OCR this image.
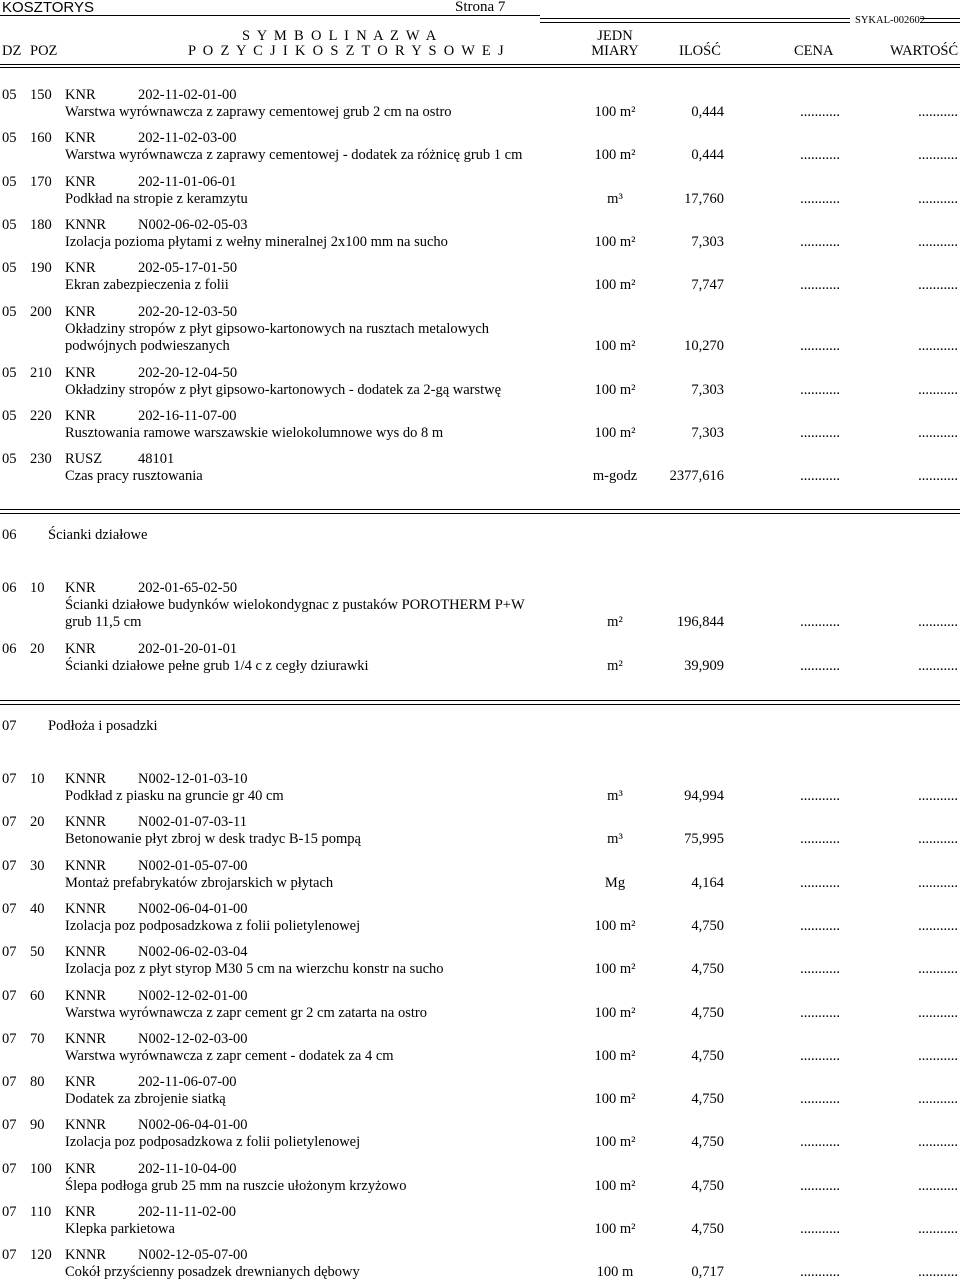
KOSZTORYS	Strona 7
SYKAL-002602
S Y M B O L I N A Z W A	JEDN
DZ POZ	P O Z Y C J I K O S Z T O R Y S O W E J	MIARY	ILOŚĆ	CENA	WARTOŚĆ
05 150 KNR	202-11-02-01-00
Warstwa wyrównawcza z zaprawy cementowej grub 2 cm na ostro	100 m²	0,444	...........	...........
05 160 KNR	202-11-02-03-00
Warstwa wyrównawcza z zaprawy cementowej - dodatek za różnicę grub 1 cm	100 m²	0,444	...........	...........
05 170 KNR	202-11-01-06-01
Podkład na stropie z keramzytu	m³	17,760	...........	...........
05 180 KNNR N002-06-02-05-03
Izolacja pozioma płytami z wełny mineralnej 2x100 mm na sucho	100 m²	7,303	...........	...........
05 190 KNR	202-05-17-01-50
Ekran zabezpieczenia z folii	100 m²	7,747	...........	...........
05 200 KNR	202-20-12-03-50
Okładziny stropów z płyt gipsowo-kartonowych na rusztach metalowych
podwójnych podwieszanych	100 m²	10,270	...........	...........
05 210 KNR	202-20-12-04-50
Okładziny stropów z płyt gipsowo-kartonowych - dodatek za 2-gą warstwę	100 m²	7,303	...........	...........
05 220 KNR	202-16-11-07-00
Rusztowania ramowe warszawskie wielokolumnowe wys do 8 m	100 m²	7,303	...........	...........
05 230 RUSZ 48101
Czas pracy rusztowania	m-godz	2377,616	...........	...........
06 Ścianki działowe
06 10 KNR	202-01-65-02-50
Ścianki działowe budynków wielokondygnac z pustaków POROTHERM P+W
grub 11,5 cm	m²	196,844	...........	...........
06 20 KNR	202-01-20-01-01
Ścianki działowe pełne grub 1/4 c z cegły dziurawki	m²	39,909	...........	...........
07 Podłoża i posadzki
07 10 KNNR N002-12-01-03-10
Podkład z piasku na gruncie gr 40 cm	m³	94,994	...........	...........
07 20 KNNR N002-01-07-03-11
Betonowanie płyt zbroj w desk tradyc B-15 pompą	m³	75,995	...........	...........
07 30 KNNR N002-01-05-07-00
Montaż prefabrykatów zbrojarskich w płytach	Mg	4,164	...........	...........
07 40 KNNR N002-06-04-01-00
Izolacja poz podposadzkowa z folii polietylenowej	100 m²	4,750	...........	...........
07 50 KNNR N002-06-02-03-04
Izolacja poz z płyt styrop M30 5 cm na wierzchu konstr na sucho	100 m²	4,750	...........	...........
07 60 KNNR N002-12-02-01-00
Warstwa wyrównawcza z zapr cement gr 2 cm zatarta na ostro	100 m²	4,750	...........	...........
07 70 KNNR N002-12-02-03-00
Warstwa wyrównawcza z zapr cement - dodatek za 4 cm	100 m²	4,750	...........	...........
07 80 KNR	202-11-06-07-00
Dodatek za zbrojenie siatką	100 m²	4,750	...........	...........
07 90 KNNR N002-06-04-01-00
Izolacja poz podposadzkowa z folii polietylenowej	100 m²	4,750	...........	...........
07 100 KNR	202-11-10-04-00
Ślepa podłoga grub 25 mm na ruszcie ułożonym krzyżowo	100 m²	4,750	...........	...........
07 110 KNR	202-11-11-02-00
Klepka parkietowa	100 m²	4,750	...........	...........
07 120 KNNR N002-12-05-07-00
Cokół przyścienny posadzek drewnianych dębowy	100 m	0,717	...........	...........
